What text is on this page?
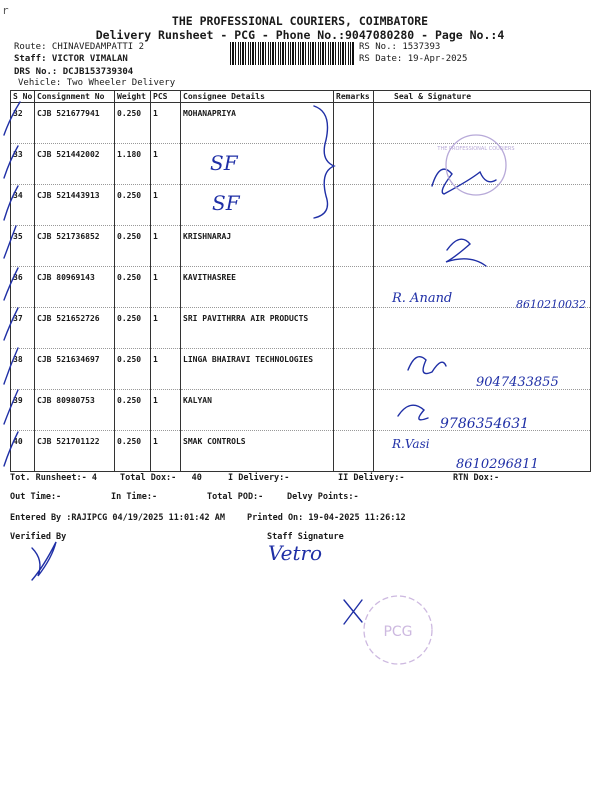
r
THE PROFESSIONAL COURIERS, COIMBATORE
Delivery Runsheet - PCG - Phone No.:9047080280 - Page No.:4
Route: CHINAVEDAMPATTI 2
Staff: VICTOR VIMALAN
DRS No.: DCJB153739304
Vehicle: Two Wheeler Delivery
RS No.: 1537393
RS Date: 19-Apr-2025
S No	Consignment No	Weight	PCS	Consignee Details	Remarks	Seal & Signature
32	CJB 521677941	0.250	1	MOHANAPRIYA		
33	CJB 521442002	1.180	1			
34	CJB 521443913	0.250	1			
35	CJB 521736852	0.250	1	KRISHNARAJ		
36	CJB 80969143	0.250	1	KAVITHASREE		
37	CJB 521652726	0.250	1	SRI PAVITHRRA AIR PRODUCTS		
38	CJB 521634697	0.250	1	LINGA BHAIRAVI TECHNOLOGIES		
39	CJB 80980753	0.250	1	KALYAN		
40	CJB 521701122	0.250	1	SMAK CONTROLS		
Tot. Runsheet:- 4	Total Dox:-   40	I Delivery:-	II Delivery:-	RTN Dox:-
Out Time:-	In Time:-	Total POD:-	Delvy Points:-
Entered By :RAJIPCG 04/19/2025 11:01:42 AM	Printed On: 19-04-2025 11:26:12
Verified By	Staff Signature
THE PROFESSIONAL COURIERS
PCG
SF
SF
R. Anand	8610210032
9047433855
9786354631
R.Vasi
8610296811
Vetro
